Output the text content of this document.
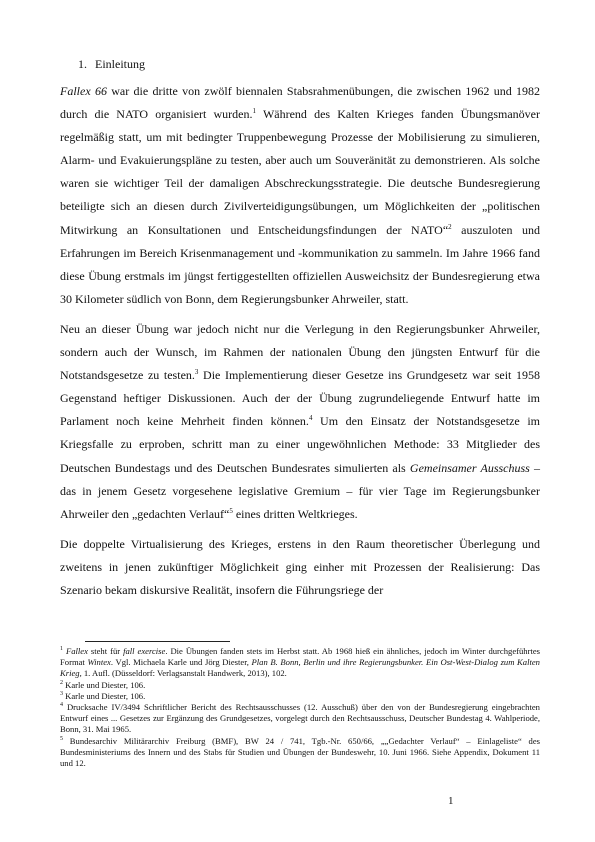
1. Einleitung

Fallex 66 war die dritte von zwölf biennalen Stabsrahmenübungen, die zwischen 1962 und 1982 durch die NATO organisiert wurden.$^1$ Während des Kalten Krieges fanden Übungsmanöver regelmäßig statt, um mit bedingter Truppenbewegung Prozesse der Mobilisierung zu simulieren, Alarm- und Evakuierungspläne zu testen, aber auch um Souveränität zu demonstrieren. Als solche waren sie wichtiger Teil der damaligen Abschreckungsstrategie. Die deutsche Bundesregierung beteiligte sich an diesen durch Zivilverteidigungsübungen, um Möglichkeiten der „politischen Mitwirkung an Konsultationen und Entscheidungsfindungen der NATO“$^2$ auszuloten und Erfahrungen im Bereich Krisenmanagement und -kommunikation zu sammeln. Im Jahre 1966 fand diese Übung erstmals im jüngst fertiggestellten offiziellen Ausweichsitz der Bundesregierung etwa 30 Kilometer südlich von Bonn, dem Regierungsbunker Ahrweiler, statt.

Neu an dieser Übung war jedoch nicht nur die Verlegung in den Regierungsbunker Ahrweiler, sondern auch der Wunsch, im Rahmen der nationalen Übung den jüngsten Entwurf für die Notstandsgesetze zu testen.$^3$ Die Implementierung dieser Gesetze ins Grundgesetz war seit 1958 Gegenstand heftiger Diskussionen. Auch der der Übung zugrundeliegende Entwurf hatte im Parlament noch keine Mehrheit finden können.$^4$ Um den Einsatz der Notstandsgesetze im Kriegsfalle zu erproben, schritt man zu einer ungewöhnlichen Methode: 33 Mitglieder des Deutschen Bundestags und des Deutschen Bundesrates simulierten als Gemeinsamer Ausschuss – das in jenem Gesetz vorgesehene legislative Gremium – für vier Tage im Regierungsbunker Ahrweiler den „gedachten Verlauf“$^5$ eines dritten Weltkrieges.

Die doppelte Virtualisierung des Krieges, erstens in den Raum theoretischer Überlegung und zweitens in jenen zukünftiger Möglichkeit ging einher mit Prozessen der Realisierung: Das Szenario bekam diskursive Realität, insofern die Führungsriege der

$^1$ Fallex steht für fall exercise. Die Übungen fanden stets im Herbst statt. Ab 1968 hieß ein ähnliches, jedoch im Winter durchgeführtes Format Wintex. Vgl. Michaela Karle und Jörg Diester, Plan B. Bonn, Berlin und ihre Regierungsbunker. Ein Ost-West-Dialog zum Kalten Krieg, 1. Aufl. (Düsseldorf: Verlagsanstalt Handwerk, 2013), 102.

$^2$ Karle und Diester, 106.

$^3$ Karle und Diester, 106.

$^4$ Drucksache IV/3494 Schriftlicher Bericht des Rechtsausschusses (12. Ausschuß) über den von der Bundesregierung eingebrachten Entwurf eines ... Gesetzes zur Ergänzung des Grundgesetzes, vorgelegt durch den Rechtsausschuss, Deutscher Bundestag 4. Wahlperiode, Bonn, 31. Mai 1965.

$^5$ Bundesarchiv Militärarchiv Freiburg (BMF), BW 24 / 741, Tgb.-Nr. 650/66, „„Gedachter Verlauf“ – Einlageliste“ des Bundesministeriums des Innern und des Stabs für Studien und Übungen der Bundeswehr, 10. Juni 1966. Siehe Appendix, Dokument 11 und 12.

1
